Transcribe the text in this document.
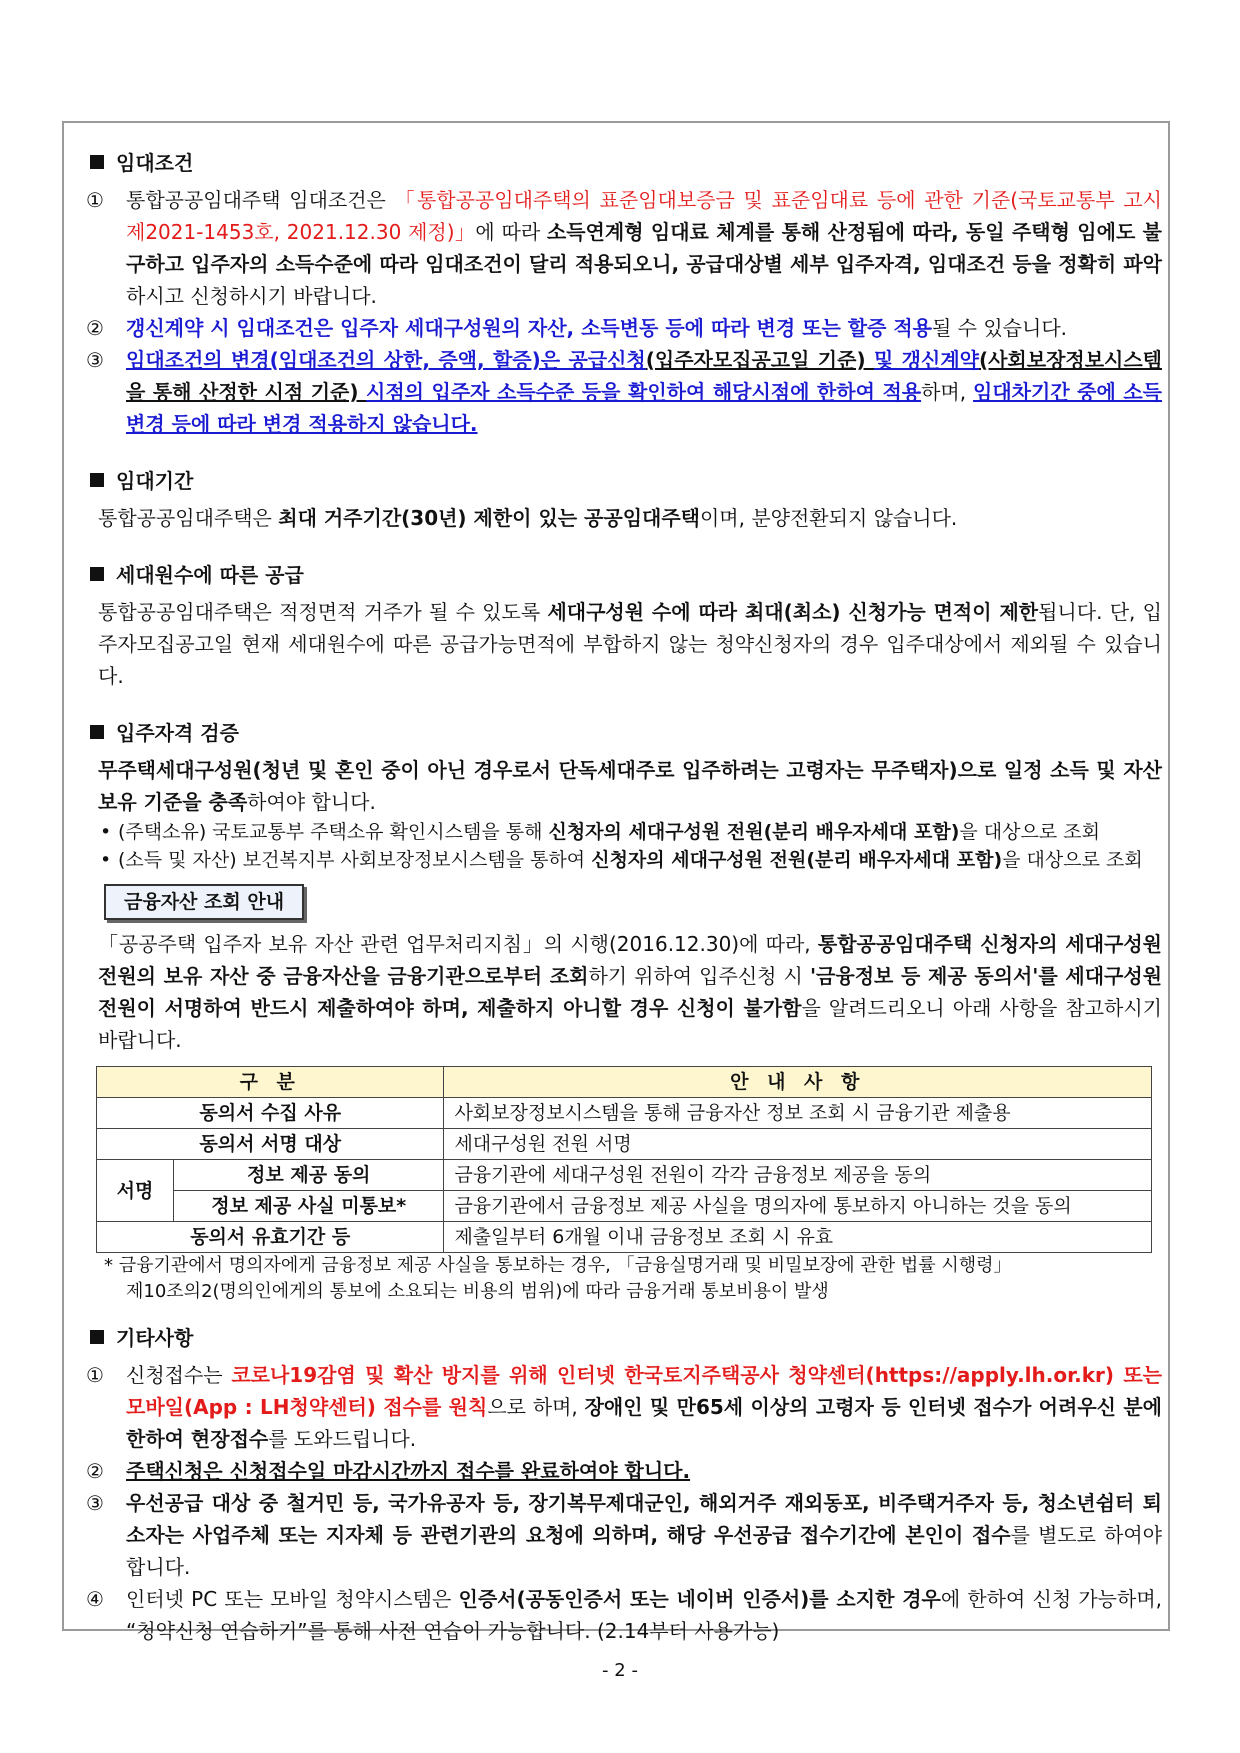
임대조건
①	통합공공임대주택 임대조건은 「통합공공임대주택의 표준임대보증금 및 표준임대료 등에 관한 기준(국토교통부 고시 제2021-1453호, 2021.12.30 제정)」에 따라 소득연계형 임대료 체계를 통해 산정됨에 따라, 동일 주택형 임에도 불구하고 입주자의 소득수준에 따라 임대조건이 달리 적용되오니, 공급대상별 세부 입주자격, 임대조건 등을 정확히 파악하시고 신청하시기 바랍니다.
②	갱신계약 시 임대조건은 입주자 세대구성원의 자산, 소득변동 등에 따라 변경 또는 할증 적용될 수 있습니다.
③	임대조건의 변경(임대조건의 상한, 증액, 할증)은 공급신청(입주자모집공고일 기준) 및 갱신계약(사회보장정보시스템을 통해 산정한 시점 기준) 시점의 입주자 소득수준 등을 확인하여 해당시점에 한하여 적용하며, 임대차기간 중에 소득변경 등에 따라 변경 적용하지 않습니다.
임대기간
통합공공임대주택은 최대 거주기간(30년) 제한이 있는 공공임대주택이며, 분양전환되지 않습니다.
세대원수에 따른 공급
통합공공임대주택은 적정면적 거주가 될 수 있도록 세대구성원 수에 따라 최대(최소) 신청가능 면적이 제한됩니다. 단, 입주자모집공고일 현재 세대원수에 따른 공급가능면적에 부합하지 않는 청약신청자의 경우 입주대상에서 제외될 수 있습니다.
입주자격 검증
무주택세대구성원(청년 및 혼인 중이 아닌 경우로서 단독세대주로 입주하려는 고령자는 무주택자)으로 일정 소득 및 자산 보유 기준을 충족하여야 합니다.
• (주택소유) 국토교통부 주택소유 확인시스템을 통해 신청자의 세대구성원 전원(분리 배우자세대 포함)을 대상으로 조회
• (소득 및 자산) 보건복지부 사회보장정보시스템을 통하여 신청자의 세대구성원 전원(분리 배우자세대 포함)을 대상으로 조회
금융자산 조회 안내
「공공주택 입주자 보유 자산 관련 업무처리지침」의 시행(2016.12.30)에 따라, 통합공공임대주택 신청자의 세대구성원 전원의 보유 자산 중 금융자산을 금융기관으로부터 조회하기 위하여 입주신청 시 '금융정보 등 제공 동의서'를 세대구성원 전원이 서명하여 반드시 제출하여야 하며, 제출하지 아니할 경우 신청이 불가함을 알려드리오니 아래 사항을 참고하시기 바랍니다.
구 분		안 내 사 항
동의서 수집 사유		사회보장정보시스템을 통해 금융자산 정보 조회 시 금융기관 제출용
동의서 서명 대상		세대구성원 전원 서명
서명	정보 제공 동의	금융기관에 세대구성원 전원이 각각 금융정보 제공을 동의
	정보 제공 사실 미통보*	금융기관에서 금융정보 제공 사실을 명의자에 통보하지 아니하는 것을 동의
동의서 유효기간 등		제출일부터 6개월 이내 금융정보 조회 시 유효
* 금융기관에서 명의자에게 금융정보 제공 사실을 통보하는 경우, 「금융실명거래 및 비밀보장에 관한 법률 시행령」
제10조의2(명의인에게의 통보에 소요되는 비용의 범위)에 따라 금융거래 통보비용이 발생
기타사항
①	신청접수는 코로나19감염 및 확산 방지를 위해 인터넷 한국토지주택공사 청약센터(https://apply.lh.or.kr) 또는 모바일(App : LH청약센터) 접수를 원칙으로 하며, 장애인 및 만65세 이상의 고령자 등 인터넷 접수가 어려우신 분에 한하여 현장접수를 도와드립니다.
②	주택신청은 신청접수일 마감시간까지 접수를 완료하여야 합니다.
③	우선공급 대상 중 철거민 등, 국가유공자 등, 장기복무제대군인, 해외거주 재외동포, 비주택거주자 등, 청소년쉼터 퇴소자는 사업주체 또는 지자체 등 관련기관의 요청에 의하며, 해당 우선공급 접수기간에 본인이 접수를 별도로 하여야 합니다.
④	인터넷 PC 또는 모바일 청약시스템은 인증서(공동인증서 또는 네이버 인증서)를 소지한 경우에 한하여 신청 가능하며, “청약신청 연습하기”를 통해 사전 연습이 가능합니다. (2.14부터 사용가능)
- 2 -
